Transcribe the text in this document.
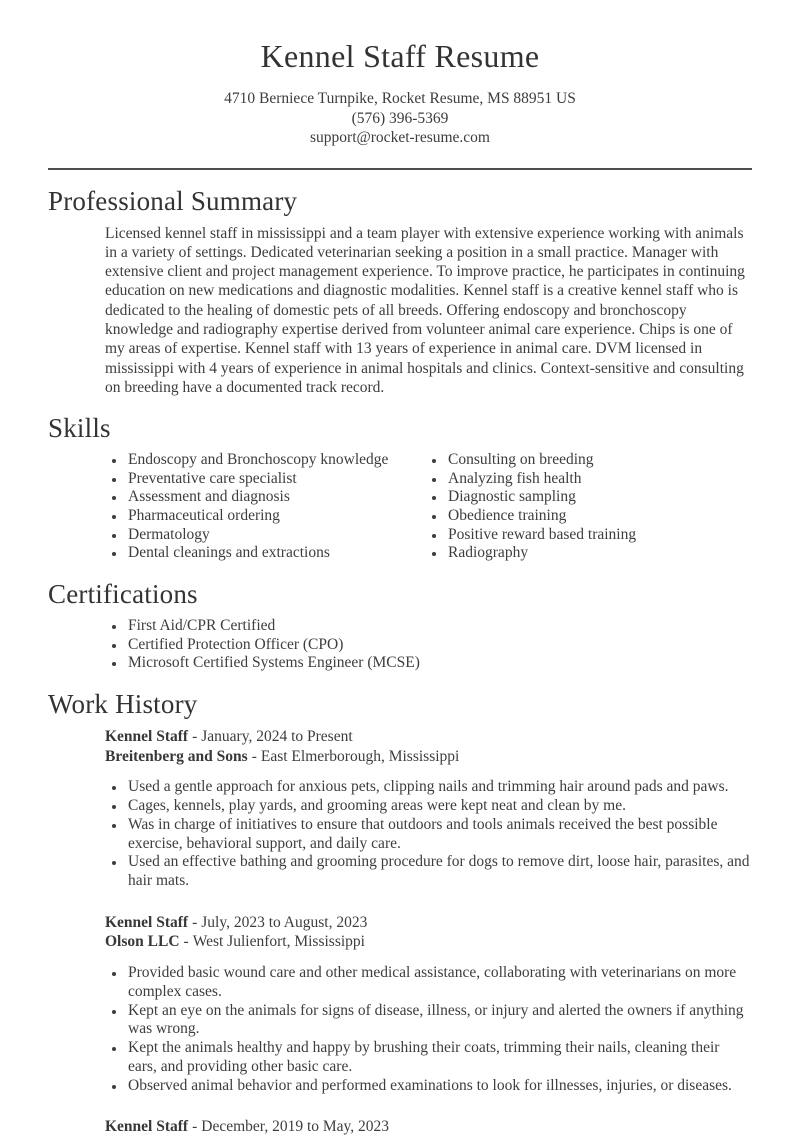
Kennel Staff Resume
4710 Berniece Turnpike, Rocket Resume, MS 88951 US
(576) 396-5369
support@rocket-resume.com
Professional Summary

Licensed kennel staff in mississippi and a team player with extensive experience working with animals in a variety of settings. Dedicated veterinarian seeking a position in a small practice. Manager with extensive client and project management experience. To improve practice, he participates in continuing education on new medications and diagnostic modalities. Kennel staff is a creative kennel staff who is dedicated to the healing of domestic pets of all breeds. Offering endoscopy and bronchoscopy knowledge and radiography expertise derived from volunteer animal care experience. Chips is one of my areas of expertise. Kennel staff with 13 years of experience in animal care. DVM licensed in mississippi with 4 years of experience in animal hospitals and clinics. Context-sensitive and consulting on breeding have a documented track record.

Skills
• Endoscopy and Bronchoscopy knowledge
• Preventative care specialist
• Assessment and diagnosis
• Pharmaceutical ordering
• Dermatology
• Dental cleanings and extractions
• Consulting on breeding
• Analyzing fish health
• Diagnostic sampling
• Obedience training
• Positive reward based training
• Radiography
Certifications
• First Aid/CPR Certified
• Certified Protection Officer (CPO)
• Microsoft Certified Systems Engineer (MCSE)
Work History
Kennel Staff - January, 2024 to Present
Breitenberg and Sons - East Elmerborough, Mississippi
• Used a gentle approach for anxious pets, clipping nails and trimming hair around pads and paws.
• Cages, kennels, play yards, and grooming areas were kept neat and clean by me.
• Was in charge of initiatives to ensure that outdoors and tools animals received the best possible exercise, behavioral support, and daily care.
• Used an effective bathing and grooming procedure for dogs to remove dirt, loose hair, parasites, and hair mats.
Kennel Staff - July, 2023 to August, 2023
Olson LLC - West Julienfort, Mississippi
• Provided basic wound care and other medical assistance, collaborating with veterinarians on more complex cases.
• Kept an eye on the animals for signs of disease, illness, or injury and alerted the owners if anything was wrong.
• Kept the animals healthy and happy by brushing their coats, trimming their nails, cleaning their ears, and providing other basic care.
• Observed animal behavior and performed examinations to look for illnesses, injuries, or diseases.
Kennel Staff - December, 2019 to May, 2023
